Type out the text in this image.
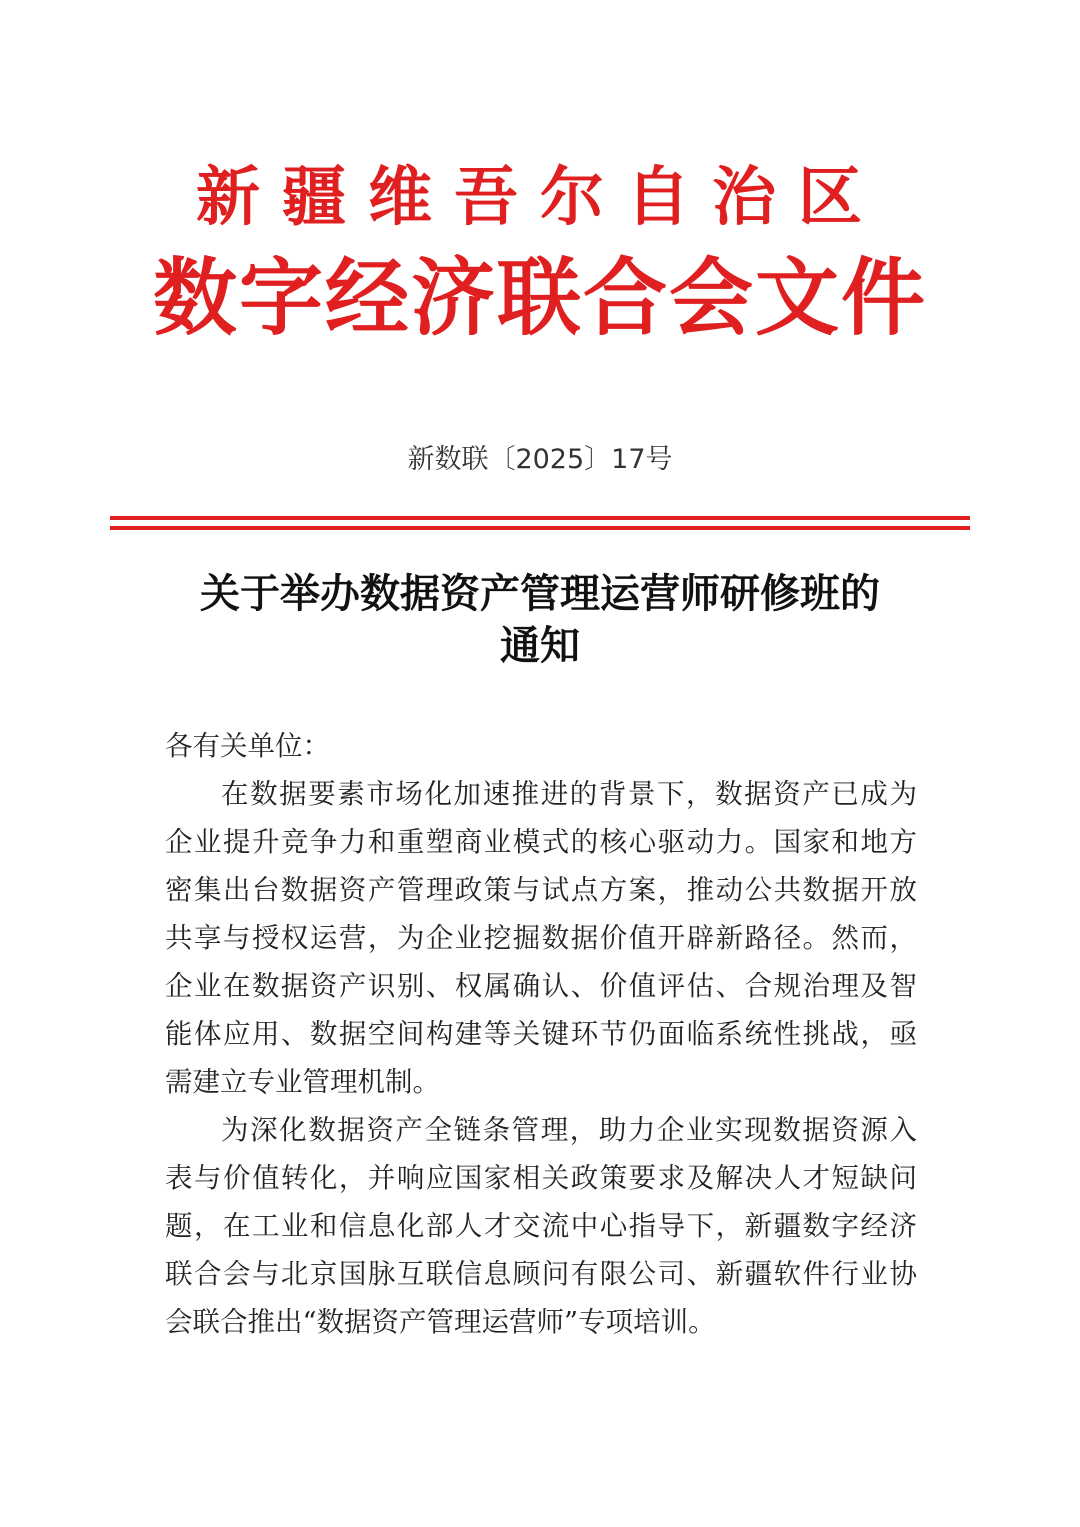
新疆维吾尔自治区
数字经济联合会文件
新数联〔2025〕17号
关于举办数据资产管理运营师研修班的
通知
各有关单位：
在数据要素市场化加速推进的背景下，数据资产已成为
企业提升竞争力和重塑商业模式的核心驱动力。国家和地方
密集出台数据资产管理政策与试点方案，推动公共数据开放
共享与授权运营，为企业挖掘数据价值开辟新路径。然而，
企业在数据资产识别、权属确认、价值评估、合规治理及智
能体应用、数据空间构建等关键环节仍面临系统性挑战，亟
需建立专业管理机制。
为深化数据资产全链条管理，助力企业实现数据资源入
表与价值转化，并响应国家相关政策要求及解决人才短缺问
题，在工业和信息化部人才交流中心指导下，新疆数字经济
联合会与北京国脉互联信息顾问有限公司、新疆软件行业协
会联合推出“数据资产管理运营师”专项培训。
